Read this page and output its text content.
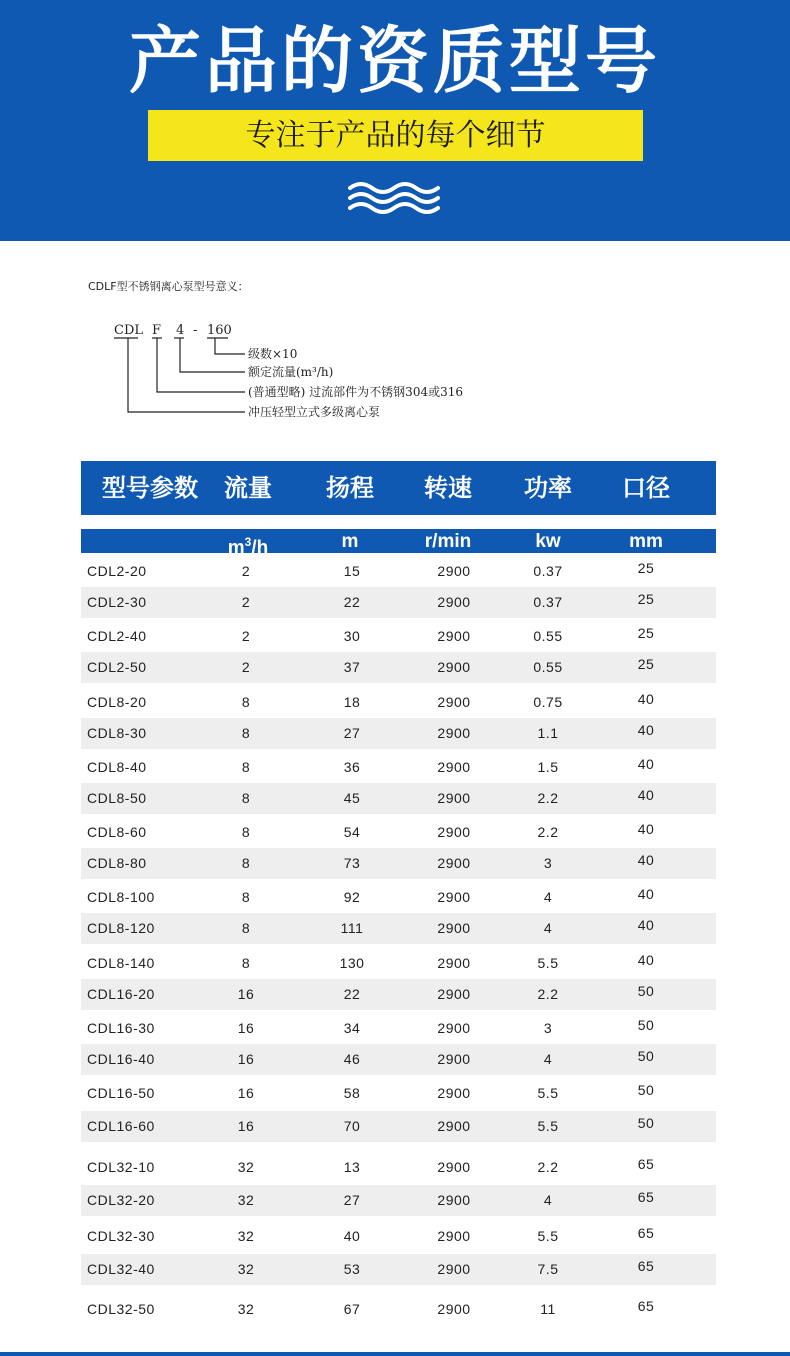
产品的资质型号
专注于产品的每个细节
CDLF型不锈钢离心泵型号意义：
CDL F 4 - 160
级数×10
额定流量(m³/h)
(普通型略) 过流部件为不锈钢304或316
冲压轻型立式多级离心泵
型号参数	流量	扬程	转速	功率	口径
$m^3/h$	m	r/min	kw	mm
CDL2-20	2	15	2900	0.37	25
CDL2-30	2	22	2900	0.37	25
CDL2-40	2	30	2900	0.55	25
CDL2-50	2	37	2900	0.55	25
CDL8-20	8	18	2900	0.75	40
CDL8-30	8	27	2900	1.1	40
CDL8-40	8	36	2900	1.5	40
CDL8-50	8	45	2900	2.2	40
CDL8-60	8	54	2900	2.2	40
CDL8-80	8	73	2900	3	40
CDL8-100	8	92	2900	4	40
CDL8-120	8	111	2900	4	40
CDL8-140	8	130	2900	5.5	40
CDL16-20	16	22	2900	2.2	50
CDL16-30	16	34	2900	3	50
CDL16-40	16	46	2900	4	50
CDL16-50	16	58	2900	5.5	50
CDL16-60	16	70	2900	5.5	50
CDL32-10	32	13	2900	2.2	65
CDL32-20	32	27	2900	4	65
CDL32-30	32	40	2900	5.5	65
CDL32-40	32	53	2900	7.5	65
CDL32-50	32	67	2900	11	65
